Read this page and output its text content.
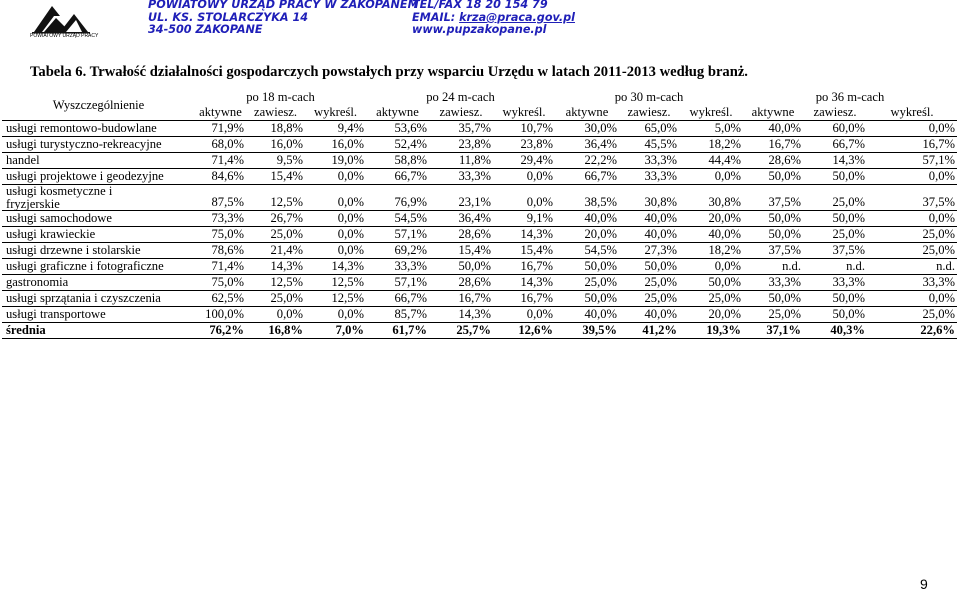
POWIATOWY URZĄD PRACY
POWIATOWY URZĄD PRACY W ZAKOPANEM
UL. KS. STOLARCZYKA 14
34-500 ZAKOPANE
TEL/FAX 18 20 154 79
EMAIL: krza@praca.gov.pl
www.pupzakopane.pl
Tabela 6. Trwałość działalności gospodarczych powstałych przy wsparciu Urzędu w latach 2011-2013 według branż.
Wyszczególnienie	po 18 m-cach			po 24 m-cach			po 30 m-cach			po 36 m-cach		
	aktywne	zawiesz.	wykreśl.	aktywne	zawiesz.	wykreśl.	aktywne	zawiesz.	wykreśl.	aktywne	zawiesz.	wykreśl.
usługi remontowo-budowlane	71,9%	18,8%	9,4%	53,6%	35,7%	10,7%	30,0%	65,0%	5,0%	40,0%	60,0%	0,0%
usługi turystyczno-rekreacyjne	68,0%	16,0%	16,0%	52,4%	23,8%	23,8%	36,4%	45,5%	18,2%	16,7%	66,7%	16,7%
handel	71,4%	9,5%	19,0%	58,8%	11,8%	29,4%	22,2%	33,3%	44,4%	28,6%	14,3%	57,1%
usługi projektowe i geodezyjne	84,6%	15,4%	0,0%	66,7%	33,3%	0,0%	66,7%	33,3%	0,0%	50,0%	50,0%	0,0%

usługi kosmetyczne i
fryzjerskie	87,5%	12,5%	0,0%	76,9%	23,1%	0,0%	38,5%	30,8%	30,8%	37,5%	25,0%	37,5%
usługi samochodowe	73,3%	26,7%	0,0%	54,5%	36,4%	9,1%	40,0%	40,0%	20,0%	50,0%	50,0%	0,0%
usługi krawieckie	75,0%	25,0%	0,0%	57,1%	28,6%	14,3%	20,0%	40,0%	40,0%	50,0%	25,0%	25,0%
usługi drzewne i stolarskie	78,6%	21,4%	0,0%	69,2%	15,4%	15,4%	54,5%	27,3%	18,2%	37,5%	37,5%	25,0%
usługi graficzne i fotograficzne	71,4%	14,3%	14,3%	33,3%	50,0%	16,7%	50,0%	50,0%	0,0%	n.d.	n.d.	n.d.
gastronomia	75,0%	12,5%	12,5%	57,1%	28,6%	14,3%	25,0%	25,0%	50,0%	33,3%	33,3%	33,3%
usługi sprzątania i czyszczenia	62,5%	25,0%	12,5%	66,7%	16,7%	16,7%	50,0%	25,0%	25,0%	50,0%	50,0%	0,0%
usługi transportowe	100,0%	0,0%	0,0%	85,7%	14,3%	0,0%	40,0%	40,0%	20,0%	25,0%	50,0%	25,0%
średnia	76,2%	16,8%	7,0%	61,7%	25,7%	12,6%	39,5%	41,2%	19,3%	37,1%	40,3%	22,6%
9
